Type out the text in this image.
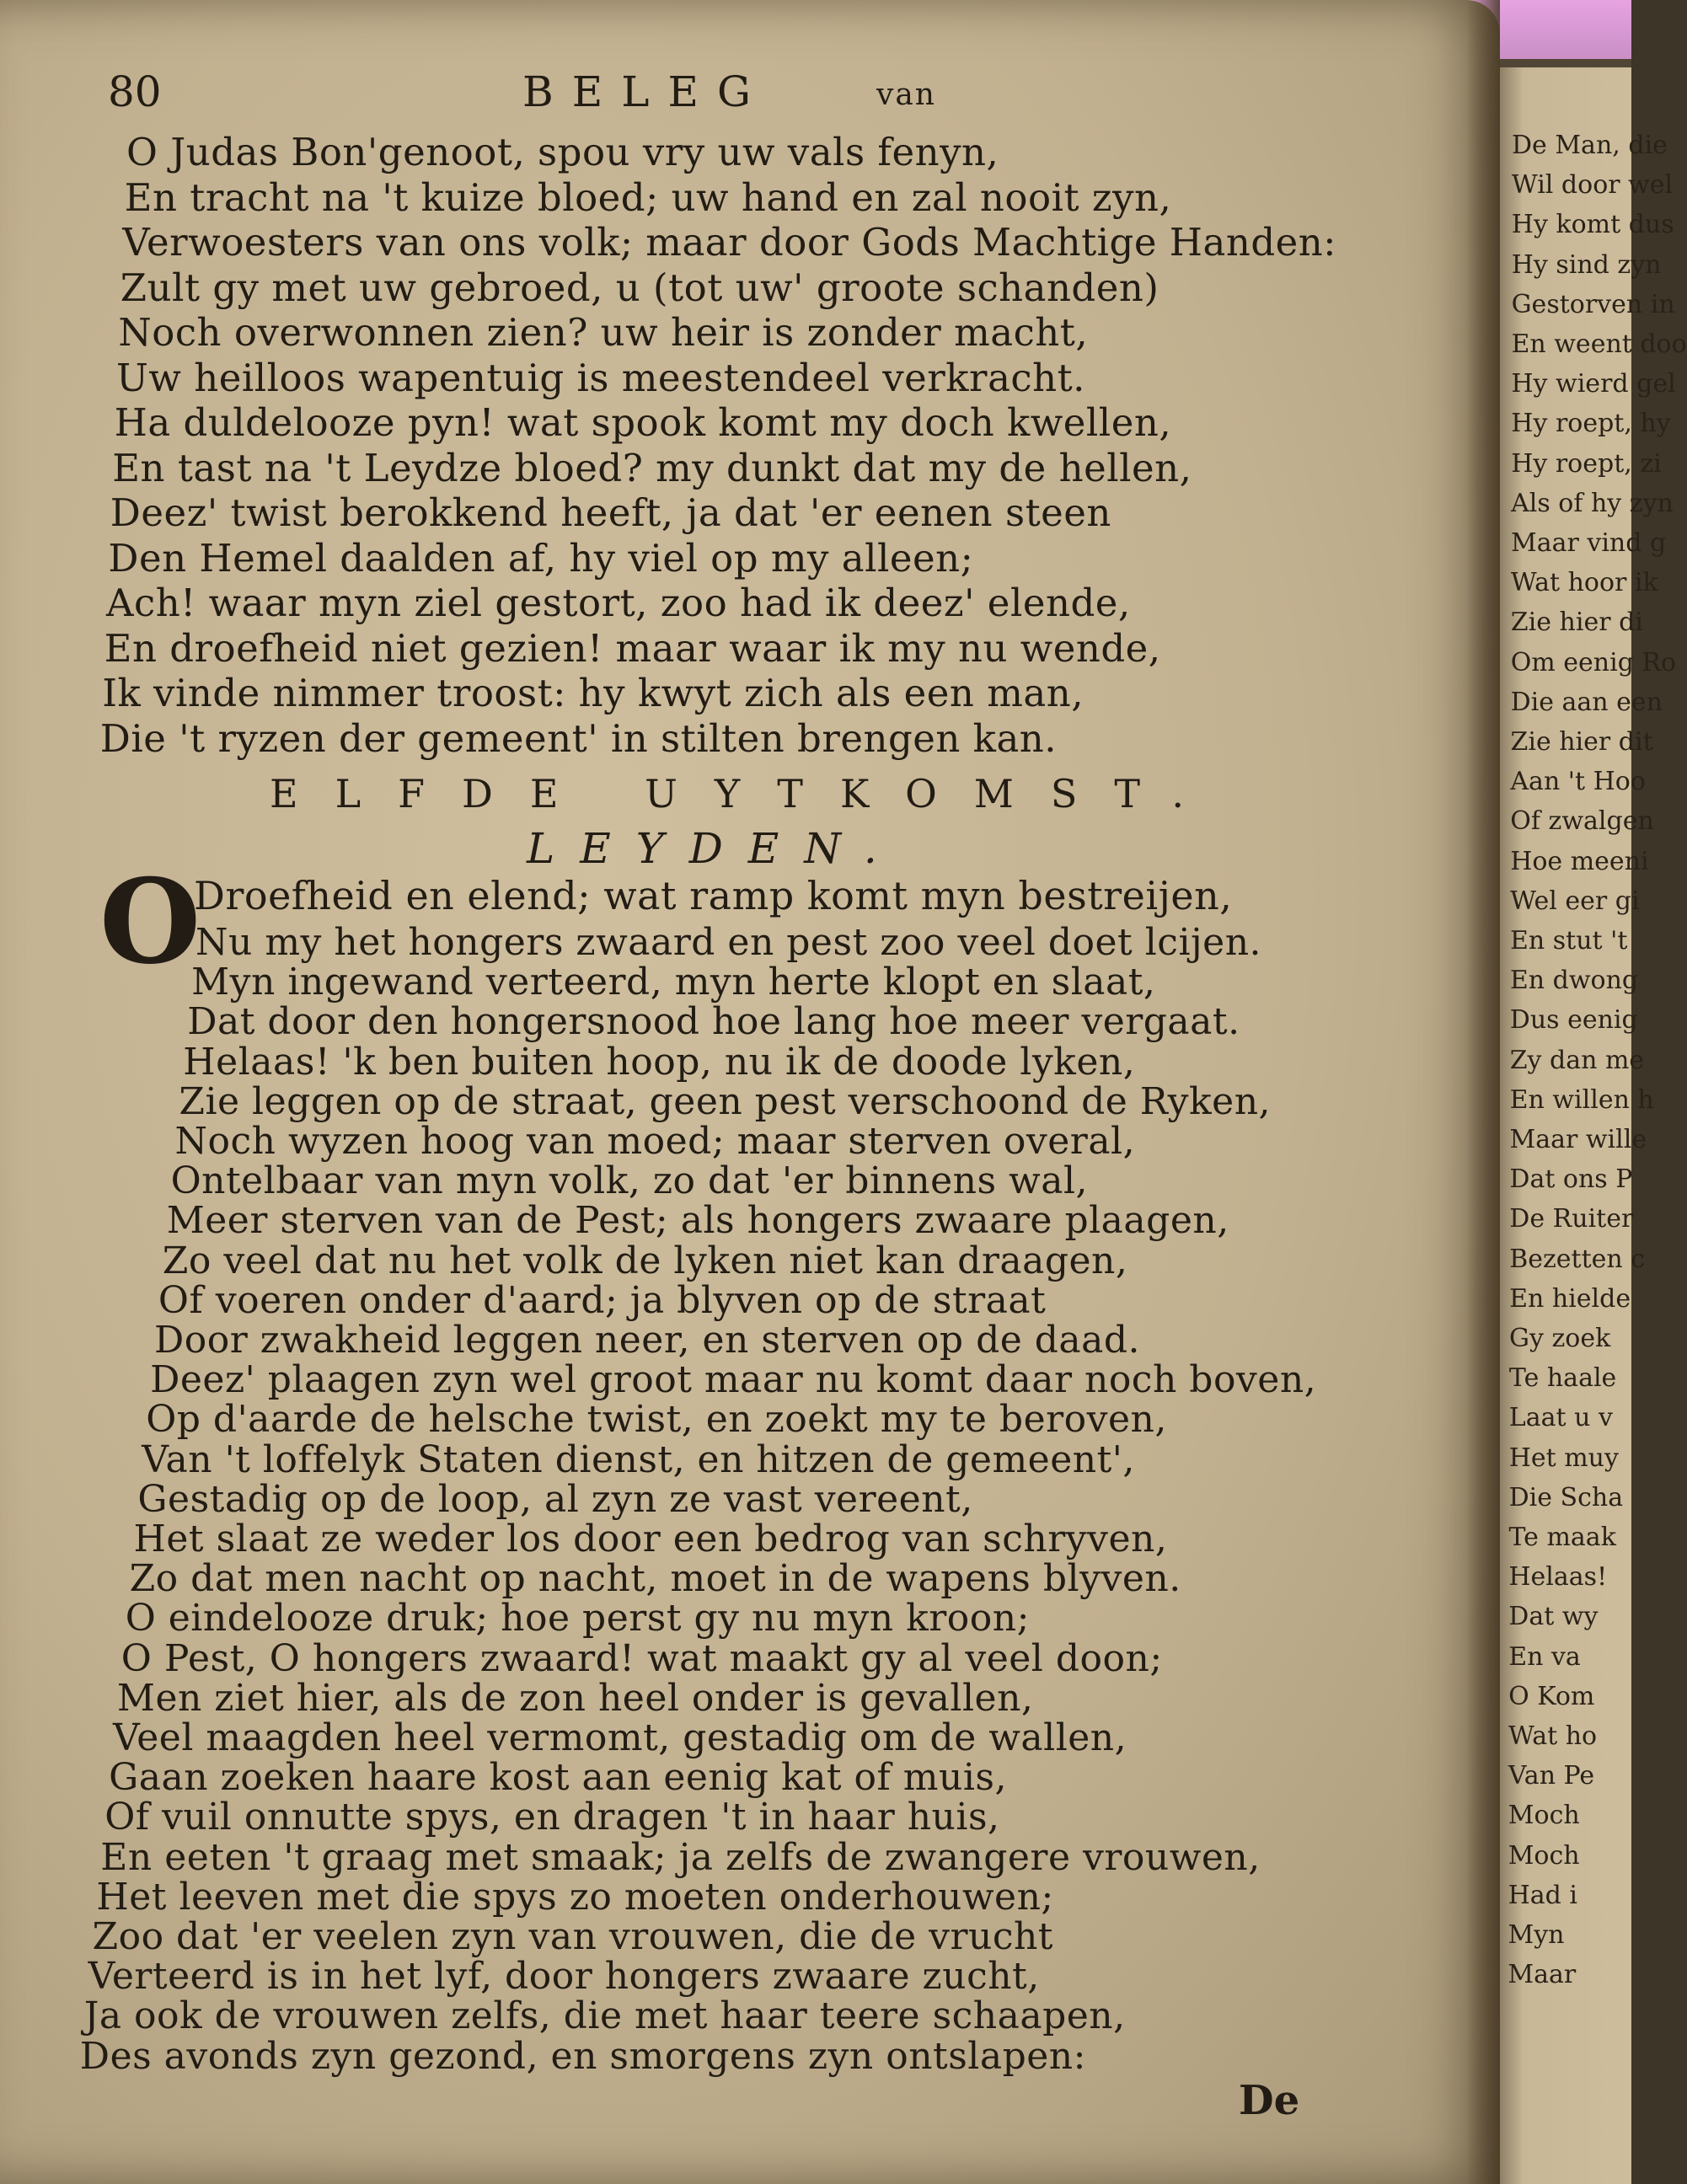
De Man, die
Wil door wel
Hy komt dus
Hy sind zyn
Gestorven in
En weent doo
Hy wierd gel
Hy roept, hy
Hy roept, zi
Als of hy zyn
Maar vind g
Wat hoor ik
Zie hier di
Om eenig Ro
Die aan een
Zie hier dit
Aan 't Hoo
Of zwalgen
Hoe meeni
Wel eer gi
En stut 't
En dwong
Dus eenig
Zy dan me
En willen h
Maar wille
Dat ons P
De Ruiter
Bezetten c
En hielde
Gy zoek
Te haale
Laat u v
Het muy
Die Scha
Te maak
Helaas!
Dat wy
En va
O Kom
Wat ho
Van Pe
Moch
Moch
Had i
Myn
Maar
80	BELEG	van
O Judas Bon'genoot, spou vry uw vals fenyn,
En tracht na 't kuize bloed; uw hand en zal nooit zyn,
Verwoesters van ons volk; maar door Gods Machtige Handen:
Zult gy met uw gebroed, u (tot uw' groote schanden)
Noch overwonnen zien? uw heir is zonder macht,
Uw heilloos wapentuig is meestendeel verkracht.
Ha duldelooze pyn! wat spook komt my doch kwellen,
En tast na 't Leydze bloed? my dunkt dat my de hellen,
Deez' twist berokkend heeft, ja dat 'er eenen steen
Den Hemel daalden af, hy viel op my alleen;
Ach! waar myn ziel gestort, zoo had ik deez' elende,
En droefheid niet gezien! maar waar ik my nu wende,
Ik vinde nimmer troost: hy kwyt zich als een man,
Die 't ryzen der gemeent' in stilten brengen kan.
ELFDE UYTKOMST.
LEYDEN.
O
Droefheid en elend; wat ramp komt myn bestreijen,
Nu my het hongers zwaard en pest zoo veel doet lcijen.
Myn ingewand verteerd, myn herte klopt en slaat,
Dat door den hongersnood hoe lang hoe meer vergaat.
Helaas! 'k ben buiten hoop, nu ik de doode lyken,
Zie leggen op de straat, geen pest verschoond de Ryken,
Noch wyzen hoog van moed; maar sterven overal,
Ontelbaar van myn volk, zo dat 'er binnens wal,
Meer sterven van de Pest; als hongers zwaare plaagen,
Zo veel dat nu het volk de lyken niet kan draagen,
Of voeren onder d'aard; ja blyven op de straat
Door zwakheid leggen neer, en sterven op de daad.
Deez' plaagen zyn wel groot maar nu komt daar noch boven,
Op d'aarde de helsche twist, en zoekt my te beroven,
Van 't loffelyk Staten dienst, en hitzen de gemeent',
Gestadig op de loop, al zyn ze vast vereent,
Het slaat ze weder los door een bedrog van schryven,
Zo dat men nacht op nacht, moet in de wapens blyven.
O eindelooze druk; hoe perst gy nu myn kroon;
O Pest, O hongers zwaard! wat maakt gy al veel doon;
Men ziet hier, als de zon heel onder is gevallen,
Veel maagden heel vermomt, gestadig om de wallen,
Gaan zoeken haare kost aan eenig kat of muis,
Of vuil onnutte spys, en dragen 't in haar huis,
En eeten 't graag met smaak; ja zelfs de zwangere vrouwen,
Het leeven met die spys zo moeten onderhouwen;
Zoo dat 'er veelen zyn van vrouwen, die de vrucht
Verteerd is in het lyf, door hongers zwaare zucht,
Ja ook de vrouwen zelfs, die met haar teere schaapen,
Des avonds zyn gezond, en smorgens zyn ontslapen:
De
